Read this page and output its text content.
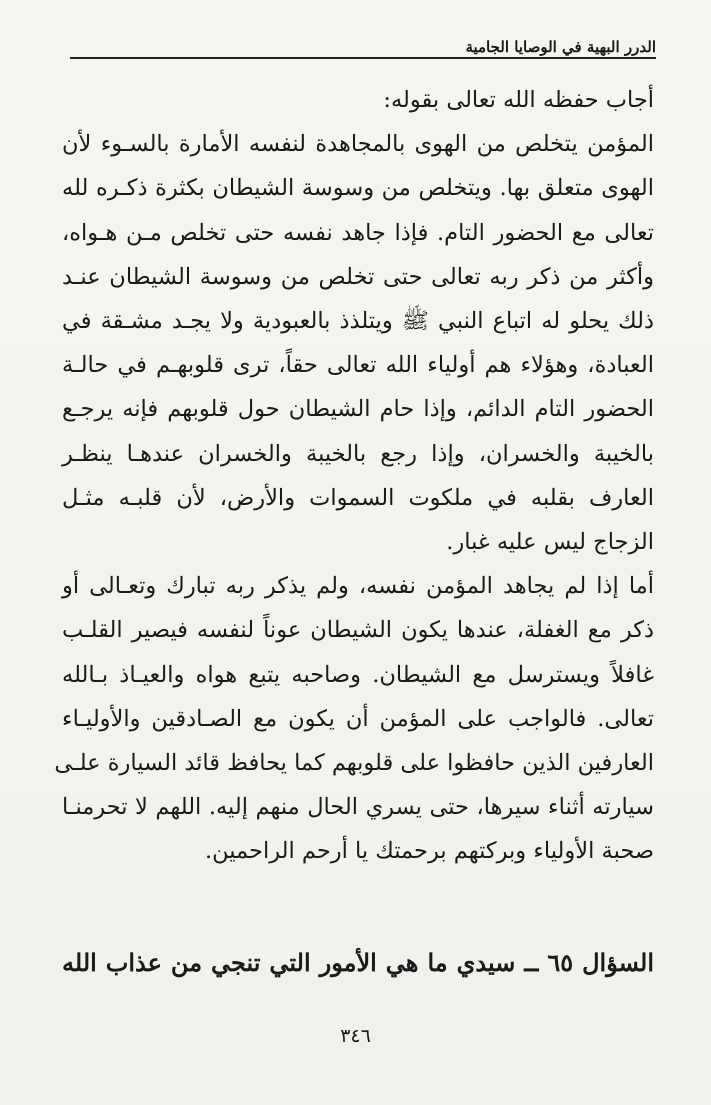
الدرر البهية في الوصايا الجامية
أجاب حفظه الله تعالى بقوله:
المؤمن يتخلص من الهوى بالمجاهدة لنفسه الأمارة بالسـوء لأن
الهوى متعلق بها. ويتخلص من وسوسة الشيطان بكثرة ذكـره لله
تعالى مع الحضور التام. فإذا جاهد نفسه حتى تخلص مـن هـواه،
وأكثر من ذكر ربه تعالى حتى تخلص من وسوسة الشيطان عنـد
ذلك يحلو له اتباع النبي ﷺ ويتلذذ بالعبودية ولا يجـد مشـقة في
العبادة، وهؤلاء هم أولياء الله تعالى حقاً، ترى قلوبهـم في حالـة
الحضور التام الدائم، وإذا حام الشيطان حول قلوبهم فإنه يرجـع
بالخيبة والخسران، وإذا رجع بالخيبة والخسران عندهـا ينظـر
العارف بقلبه في ملكوت السموات والأرض، لأن قلبـه مثـل
الزجاج ليس عليه غبار.
أما إذا لم يجاهد المؤمن نفسه، ولم يذكر ربه تبارك وتعـالى أو
ذكر مع الغفلة، عندها يكون الشيطان عوناً لنفسه فيصير القلـب
غافلاً ويسترسل مع الشيطان. وصاحبه يتبع هواه والعيـاذ بـالله
تعالى. فالواجب على المؤمن أن يكون مع الصـادقين والأوليـاء
العارفين الذين حافظوا على قلوبهم كما يحافظ قائد السيارة علـى
سيارته أثناء سيرها، حتى يسري الحال منهم إليه. اللهم لا تحرمنـا
صحبة الأولياء وبركتهم برحمتك يا أرحم الراحمين.
السؤال ٦٥ ــ سيدي ما هي الأمور التي تنجي من عذاب الله
٣٤٦
